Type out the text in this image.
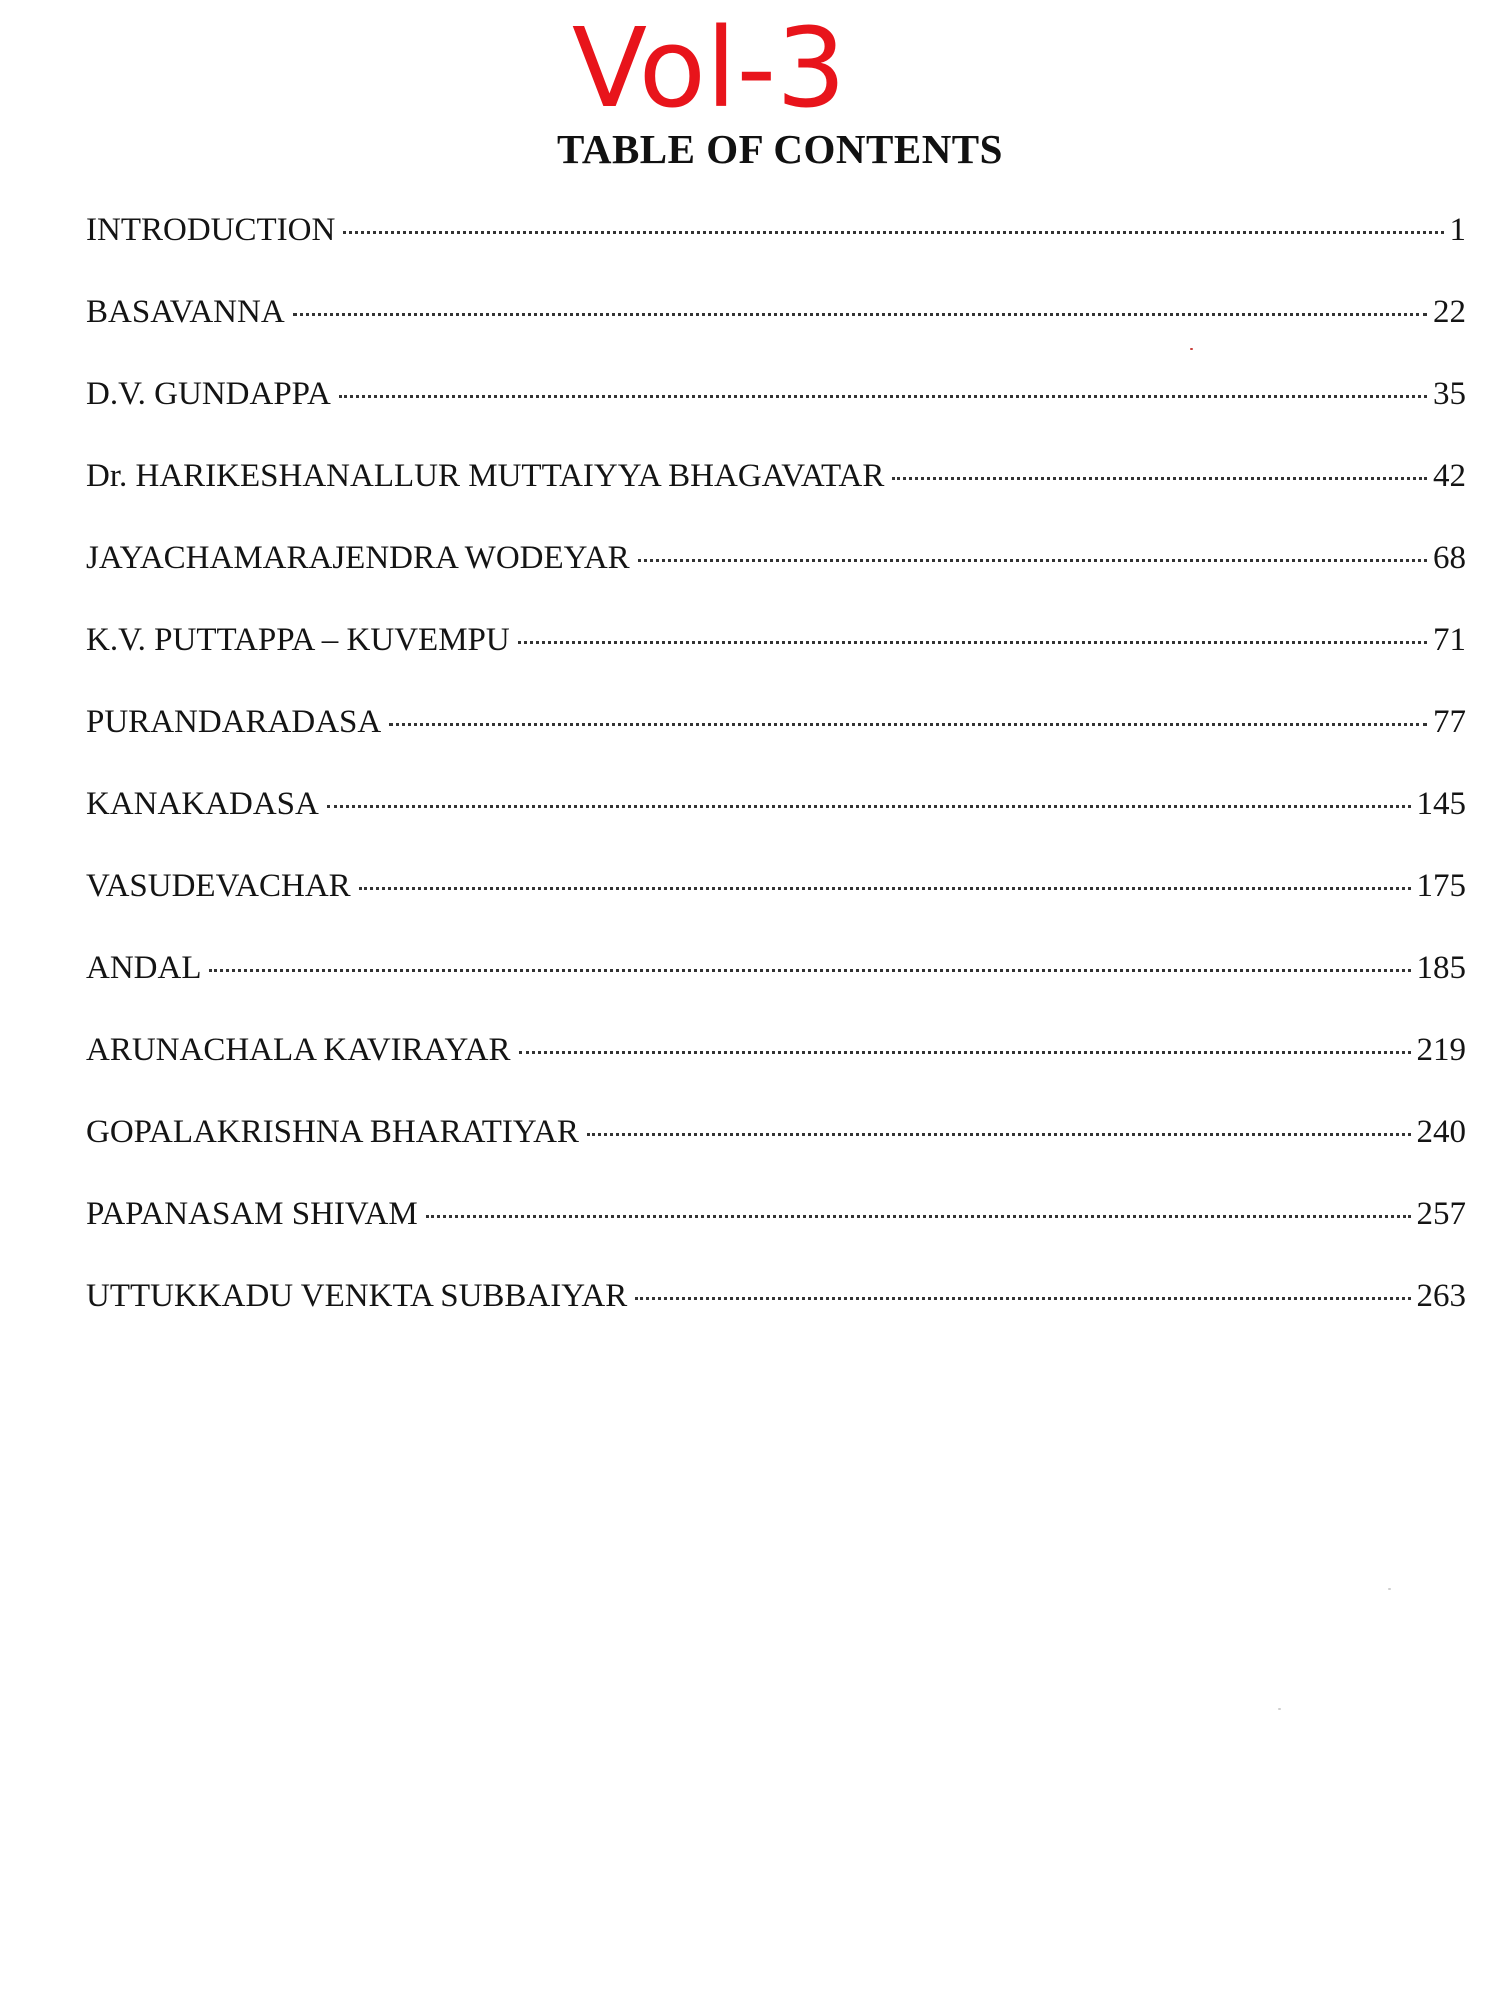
Vol-3
TABLE OF CONTENTS
INTRODUCTION	1
BASAVANNA	22
D.V. GUNDAPPA	35
Dr. HARIKESHANALLUR MUTTAIYYA BHAGAVATAR	42
JAYACHAMARAJENDRA WODEYAR	68
K.V. PUTTAPPA – KUVEMPU	71
PURANDARADASA	77
KANAKADASA	145
VASUDEVACHAR	175
ANDAL	185
ARUNACHALA KAVIRAYAR	219
GOPALAKRISHNA BHARATIYAR	240
PAPANASAM SHIVAM	257
UTTUKKADU VENKTA SUBBAIYAR	263
